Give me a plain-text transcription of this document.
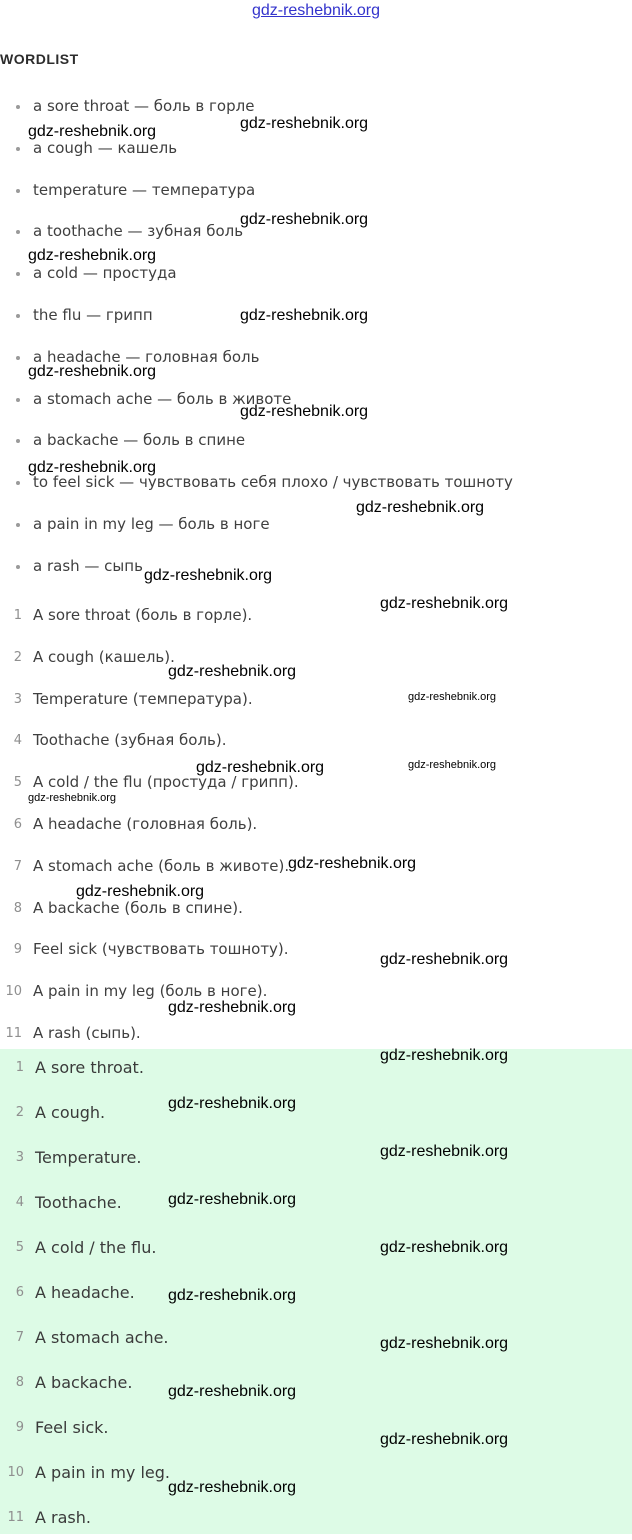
gdz-reshebnik.org
WORDLIST
a sore throat — боль в горле
a cough — кашель
temperature — температура
a toothache — зубная боль
a cold — простуда
the flu — грипп
a headache — головная боль
a stomach ache — боль в животе
a backache — боль в спине
to feel sick — чувствовать себя плохо / чувствовать тошноту
a pain in my leg — боль в ноге
a rash — сыпь
1 A sore throat (боль в горле).
2 A cough (кашель).
3 Temperature (температура).
4 Toothache (зубная боль).
5 A cold / the flu (простуда / грипп).
6 A headache (головная боль).
7 A stomach ache (боль в животе).
8 A backache (боль в спине).
9 Feel sick (чувствовать тошноту).
10 A pain in my leg (боль в ноге).
11 A rash (сыпь).
1 A sore throat.
2 A cough.
3 Temperature.
4 Toothache.
5 A cold / the flu.
6 A headache.
7 A stomach ache.
8 A backache.
9 Feel sick.
10 A pain in my leg.
11 A rash.
gdz-reshebnik.org	gdz-reshebnik.org
gdz-reshebnik.org
gdz-reshebnik.org
gdz-reshebnik.org
gdz-reshebnik.org
gdz-reshebnik.org
gdz-reshebnik.org
gdz-reshebnik.org
gdz-reshebnik.org
gdz-reshebnik.org
gdz-reshebnik.org
gdz-reshebnik.org
gdz-reshebnik.org	gdz-reshebnik.org
gdz-reshebnik.org
gdz-reshebnik.org
gdz-reshebnik.org
gdz-reshebnik.org
gdz-reshebnik.org
gdz-reshebnik.org
gdz-reshebnik.org
gdz-reshebnik.org
gdz-reshebnik.org
gdz-reshebnik.org
gdz-reshebnik.org
gdz-reshebnik.org
gdz-reshebnik.org
gdz-reshebnik.org
gdz-reshebnik.org
